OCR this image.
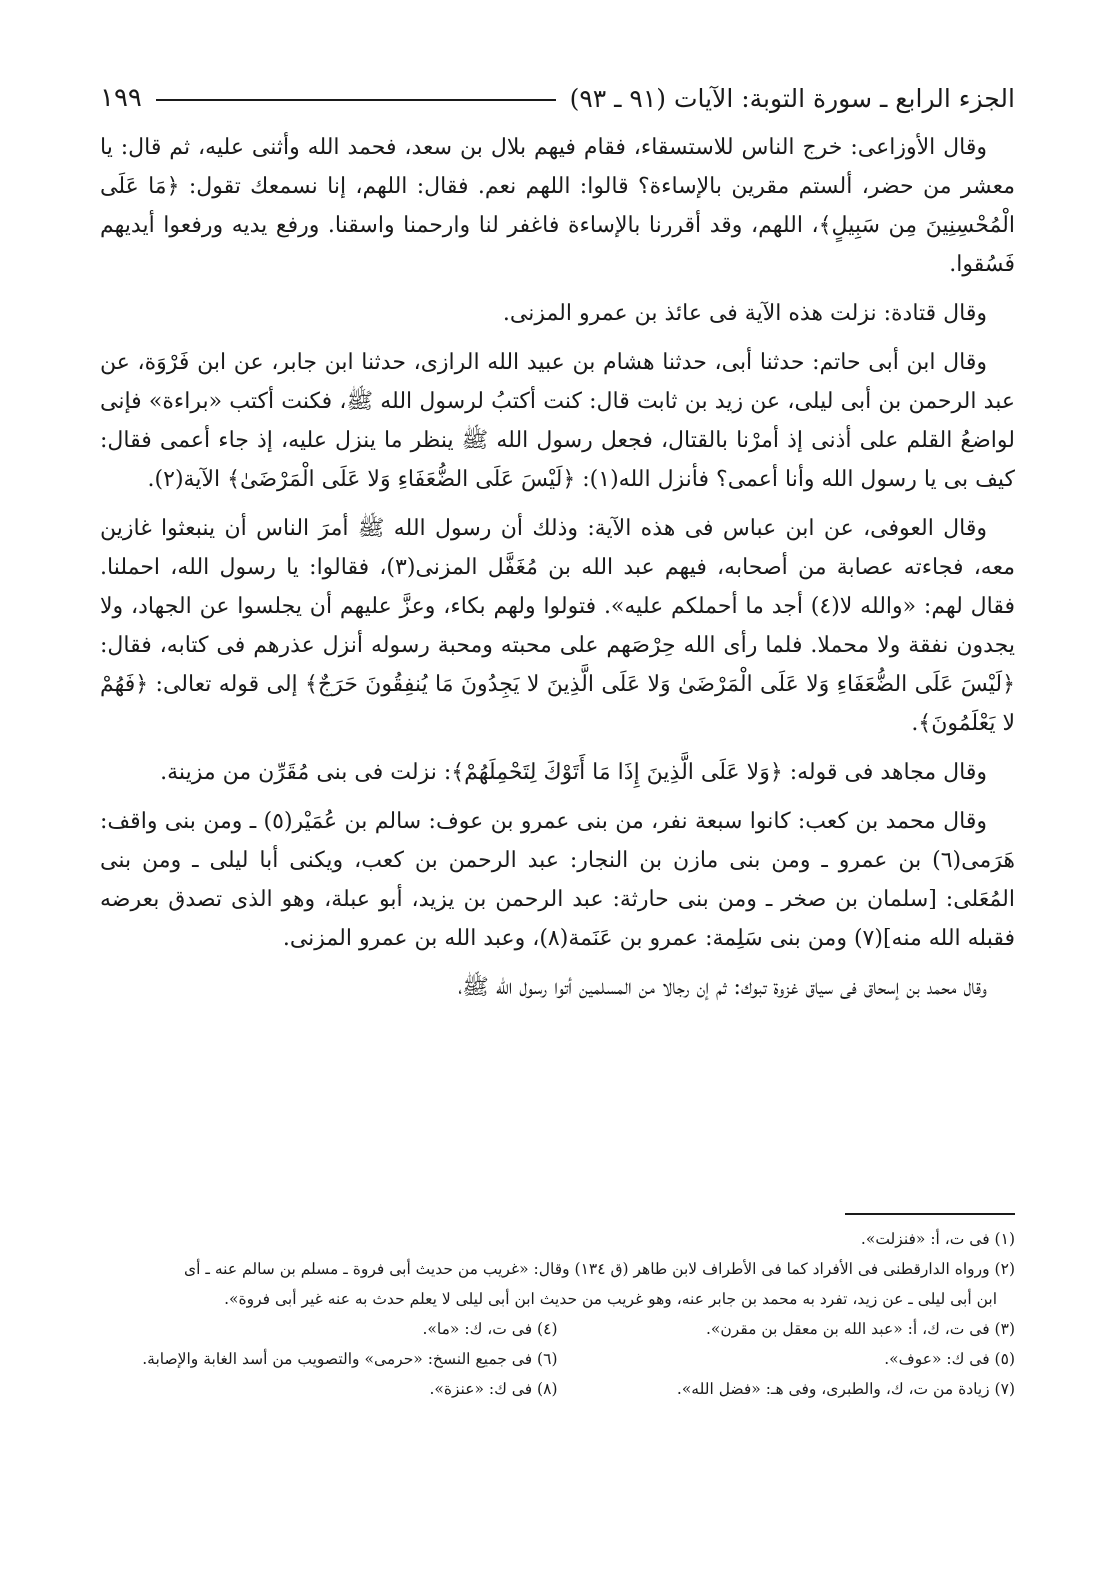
الجزء الرابع ـ سورة التوبة: الآيات (٩١ ـ ٩٣)
١٩٩

وقال الأوزاعى: خرج الناس للاستسقاء، فقام فيهم بلال بن سعد، فحمد الله وأثنى عليه، ثم قال: يا معشر من حضر، ألستم مقرين بالإساءة؟ قالوا: اللهم نعم. فقال: اللهم، إنا نسمعك تقول: ﴿مَا عَلَى الْمُحْسِنِينَ مِن سَبِيلٍ﴾، اللهم، وقد أقررنا بالإساءة فاغفر لنا وارحمنا واسقنا. ورفع يديه ورفعوا أيديهم فَسُقوا.

وقال قتادة: نزلت هذه الآية فى عائذ بن عمرو المزنى.

وقال ابن أبى حاتم: حدثنا أبى، حدثنا هشام بن عبيد الله الرازى، حدثنا ابن جابر، عن ابن فَرْوَة، عن عبد الرحمن بن أبى ليلى، عن زيد بن ثابت قال: كنت أكتبُ لرسول الله ﷺ، فكنت أكتب «براءة» فإنى لواضعُ القلم على أذنى إذ أمرْنا بالقتال، فجعل رسول الله ﷺ ينظر ما ينزل عليه، إذ جاء أعمى فقال: كيف بى يا رسول الله وأنا أعمى؟ فأنزل الله(١): ﴿لَيْسَ عَلَى الضُّعَفَاءِ وَلا عَلَى الْمَرْضَىٰ﴾ الآية(٢).

وقال العوفى، عن ابن عباس فى هذه الآية: وذلك أن رسول الله ﷺ أمرَ الناس أن ينبعثوا غازين معه، فجاءته عصابة من أصحابه، فيهم عبد الله بن مُغَفَّل المزنى(٣)، فقالوا: يا رسول الله، احملنا. فقال لهم: «والله لا(٤) أجد ما أحملكم عليه». فتولوا ولهم بكاء، وعزَّ عليهم أن يجلسوا عن الجهاد، ولا يجدون نفقة ولا محملا. فلما رأى الله حِرْصَهم على محبته ومحبة رسوله أنزل عذرهم فى كتابه، فقال: ﴿لَيْسَ عَلَى الضُّعَفَاءِ وَلا عَلَى الْمَرْضَىٰ وَلا عَلَى الَّذِينَ لا يَجِدُونَ مَا يُنفِقُونَ حَرَجٌ﴾ إلى قوله تعالى: ﴿فَهُمْ لا يَعْلَمُونَ﴾.

وقال مجاهد فى قوله: ﴿وَلا عَلَى الَّذِينَ إِذَا مَا أَتَوْكَ لِتَحْمِلَهُمْ﴾: نزلت فى بنى مُقَرِّن من مزينة.

وقال محمد بن كعب: كانوا سبعة نفر، من بنى عمرو بن عوف: سالم بن عُمَيْر(٥) ـ ومن بنى واقف: هَرَمى(٦) بن عمرو ـ ومن بنى مازن بن النجار: عبد الرحمن بن كعب، ويكنى أبا ليلى ـ ومن بنى المُعَلى: [سلمان بن صخر ـ ومن بنى حارثة: عبد الرحمن بن يزيد، أبو عبلة، وهو الذى تصدق بعرضه فقبله الله منه](٧) ومن بنى سَلِمة: عمرو بن عَنَمة(٨)، وعبد الله بن عمرو المزنى.

وقال محمد بن إسحاق فى سياق غزوة تبوك: ثم إن رجالا من المسلمين أتوا رسول الله ﷺ،

(١) فى ت، أ: «فنزلت».

(٢) ورواه الدارقطنى فى الأفراد كما فى الأطراف لابن طاهر (ق ١٣٤) وقال: «غريب من حديث أبى فروة ـ مسلم بن سالم عنه ـ أى

ابن أبى ليلى ـ عن زيد، تفرد به محمد بن جابر عنه، وهو غريب من حديث ابن أبى ليلى لا يعلم حدث به عنه غير أبى فروة».

(٣) فى ت، ك، أ: «عبد الله بن معقل بن مقرن».
(٤) فى ت، ك: «ما».
(٥) فى ك: «عوف».
(٦) فى جميع النسخ: «حرمى» والتصويب من أسد الغابة والإصابة.
(٧) زيادة من ت، ك، والطبرى، وفى هـ: «فضل الله».
(٨) فى ك: «عنزة».
